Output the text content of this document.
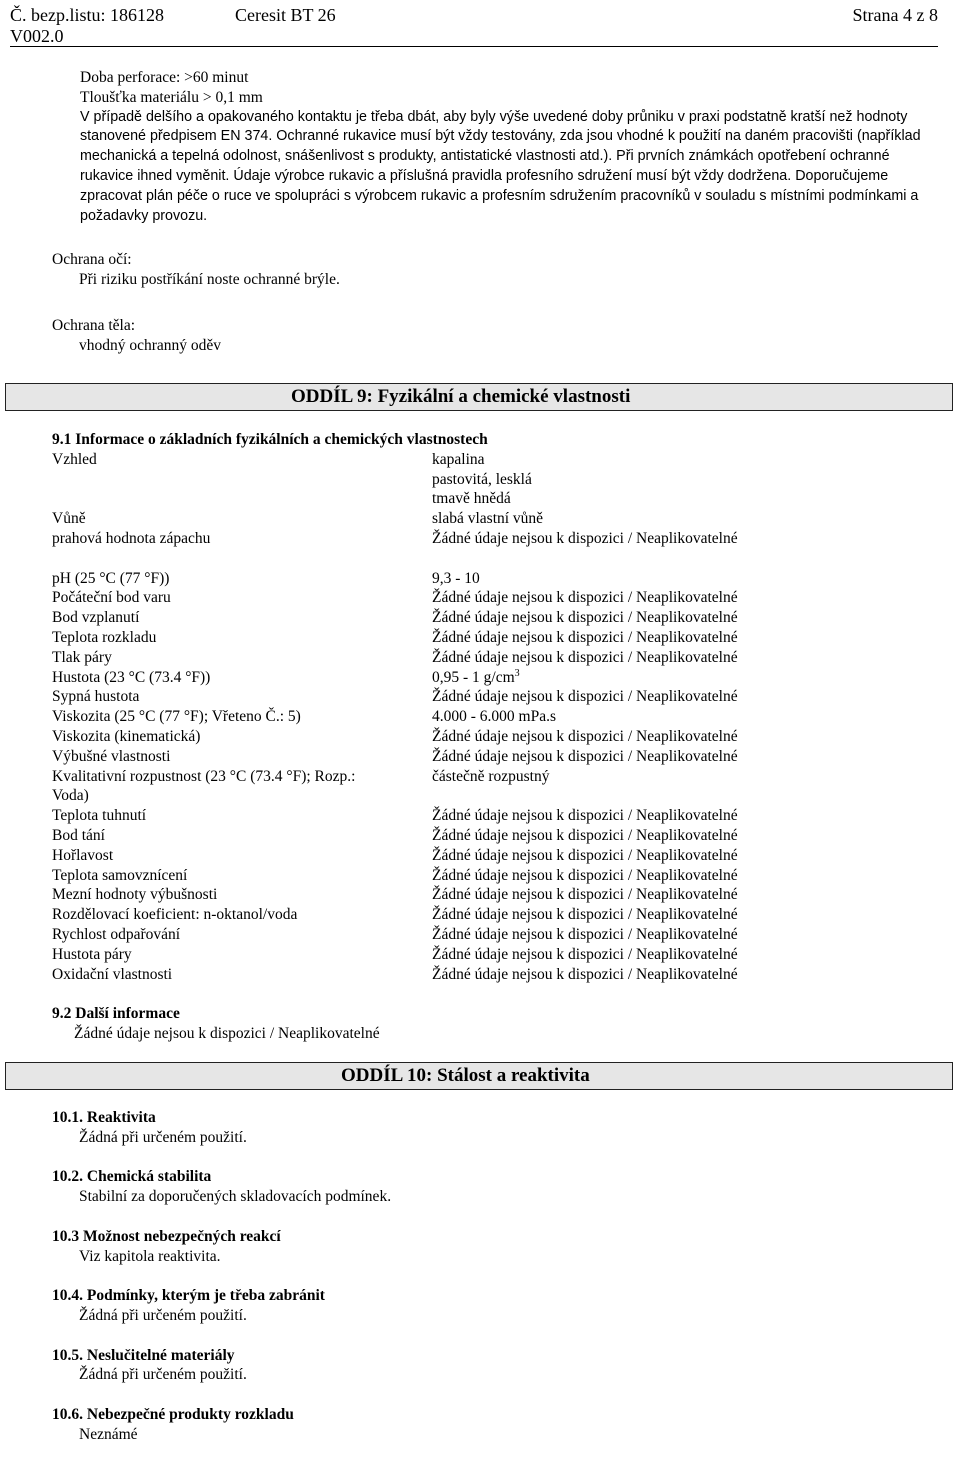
Č. bezp.listu: 186128
V002.0
Ceresit BT 26	Strana 4 z 8
Doba perforace: >60 minut
Tloušťka materiálu > 0,1 mm
V případě delšího a opakovaného kontaktu je třeba dbát, aby byly výše uvedené doby průniku v praxi podstatně kratší než hodnoty stanovené předpisem EN 374. Ochranné rukavice musí být vždy testovány, zda jsou vhodné k použití na daném pracovišti (například mechanická a tepelná odolnost, snášenlivost s produkty, antistatické vlastnosti atd.). Při prvních známkách opotřebení ochranné rukavice ihned vyměnit. Údaje výrobce rukavic a příslušná pravidla profesního sdružení musí být vždy dodržena. Doporučujeme zpracovat plán péče o ruce ve spolupráci s výrobcem rukavic a profesním sdružením pracovníků v souladu s místními podmínkami a požadavky provozu.
Ochrana očí:
Při riziku postříkání noste ochranné brýle.
Ochrana těla:
vhodný ochranný oděv
ODDÍL 9: Fyzikální a chemické vlastnosti
9.1 Informace o základních fyzikálních a chemických vlastnostech
Vzhled	kapalina
pastovitá, lesklá
tmavě hnědá
Vůně	slabá vlastní vůně
prahová hodnota zápachu	Žádné údaje nejsou k dispozici / Neaplikovatelné
pH (25 °C (77 °F))	9,3 - 10
Počáteční bod varu	Žádné údaje nejsou k dispozici / Neaplikovatelné
Bod vzplanutí	Žádné údaje nejsou k dispozici / Neaplikovatelné
Teplota rozkladu	Žádné údaje nejsou k dispozici / Neaplikovatelné
Tlak páry	Žádné údaje nejsou k dispozici / Neaplikovatelné
Hustota (23 °C (73.4 °F))	0,95 - 1 $g/cm^3$
Sypná hustota	Žádné údaje nejsou k dispozici / Neaplikovatelné
Viskozita (25 °C (77 °F); Vřeteno Č.: 5)	4.000 - 6.000 mPa.s
Viskozita (kinematická)	Žádné údaje nejsou k dispozici / Neaplikovatelné
Výbušné vlastnosti	Žádné údaje nejsou k dispozici / Neaplikovatelné
Kvalitativní rozpustnost (23 °C (73.4 °F); Rozp.:
Voda)
částečně rozpustný
Teplota tuhnutí	Žádné údaje nejsou k dispozici / Neaplikovatelné
Bod tání	Žádné údaje nejsou k dispozici / Neaplikovatelné
Hořlavost	Žádné údaje nejsou k dispozici / Neaplikovatelné
Teplota samovznícení	Žádné údaje nejsou k dispozici / Neaplikovatelné
Mezní hodnoty výbušnosti	Žádné údaje nejsou k dispozici / Neaplikovatelné
Rozdělovací koeficient: n-oktanol/voda	Žádné údaje nejsou k dispozici / Neaplikovatelné
Rychlost odpařování	Žádné údaje nejsou k dispozici / Neaplikovatelné
Hustota páry	Žádné údaje nejsou k dispozici / Neaplikovatelné
Oxidační vlastnosti	Žádné údaje nejsou k dispozici / Neaplikovatelné
9.2 Další informace
Žádné údaje nejsou k dispozici / Neaplikovatelné
ODDÍL 10: Stálost a reaktivita
10.1. Reaktivita
Žádná při určeném použití.
10.2. Chemická stabilita
Stabilní za doporučených skladovacích podmínek.
10.3 Možnost nebezpečných reakcí
Viz kapitola reaktivita.
10.4. Podmínky, kterým je třeba zabránit
Žádná při určeném použití.
10.5. Neslučitelné materiály
Žádná při určeném použití.
10.6. Nebezpečné produkty rozkladu
Neznámé
